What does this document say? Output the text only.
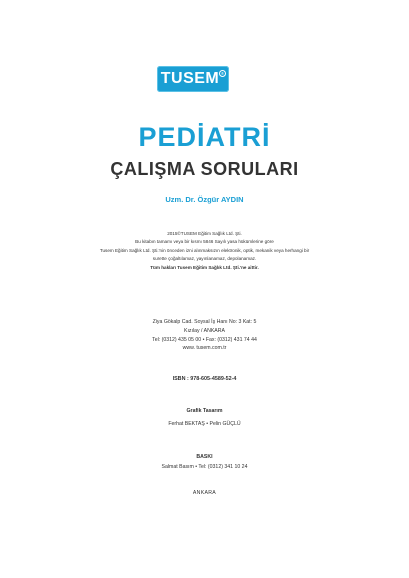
TUSEM ®
PEDİATRİ
ÇALIŞMA SORULARI
Uzm. Dr. Özgür AYDIN
2015©TUSEM Eğitim Sağlık Ltd. Şti.
Bu kitabın tamamı veya bir kısmı 5846 Sayılı yasa hükümlerine göre
Tusem Eğitim Sağlık Ltd. Şti.'nin önceden izni alınmaksızın elektronik, optik, mekanik veya herhangi bir
surette çoğaltılamaz, yayınlanamaz, depolanamaz.
Tüm hakları Tusem Eğitim Sağlık Ltd. Şti.'ne aittir.
Ziya Gökalp Cad. Soysal İş Hanı No: 3 Kat: 5
Kızılay / ANKARA
Tel: (0312) 435 05 00 • Fax: (0312) 431 74 44
www. tusem.com.tr
ISBN : 978-605-4589-52-4
Grafik Tasarım
Ferhat BEKTAŞ • Pelin GÜÇLÜ
BASKI
Salmat Basım • Tel: (0312) 341 10 24
ANKARA
